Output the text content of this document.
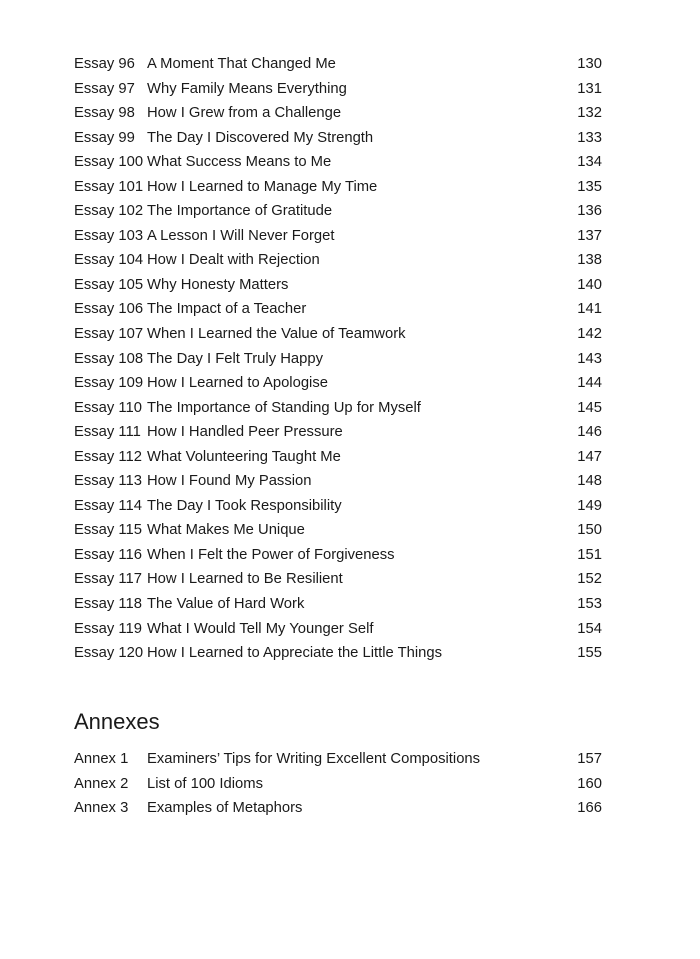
Essay 96 A Moment That Changed Me	130
Essay 97 Why Family Means Everything	131
Essay 98 How I Grew from a Challenge	132
Essay 99 The Day I Discovered My Strength	133
Essay 100 What Success Means to Me	134
Essay 101 How I Learned to Manage My Time	135
Essay 102 The Importance of Gratitude	136
Essay 103 A Lesson I Will Never Forget	137
Essay 104 How I Dealt with Rejection	138
Essay 105 Why Honesty Matters	140
Essay 106 The Impact of a Teacher	141
Essay 107 When I Learned the Value of Teamwork	142
Essay 108 The Day I Felt Truly Happy	143
Essay 109 How I Learned to Apologise	144
Essay 110 The Importance of Standing Up for Myself	145
Essay 111 How I Handled Peer Pressure	146
Essay 112 What Volunteering Taught Me	147
Essay 113 How I Found My Passion	148
Essay 114 The Day I Took Responsibility	149
Essay 115 What Makes Me Unique	150
Essay 116 When I Felt the Power of Forgiveness	151
Essay 117 How I Learned to Be Resilient	152
Essay 118 The Value of Hard Work	153
Essay 119 What I Would Tell My Younger Self	154
Essay 120 How I Learned to Appreciate the Little Things	155
Annexes
Annex 1	Examiners’ Tips for Writing Excellent Compositions	157
Annex 2	List of 100 Idioms	160
Annex 3	Examples of Metaphors	166
